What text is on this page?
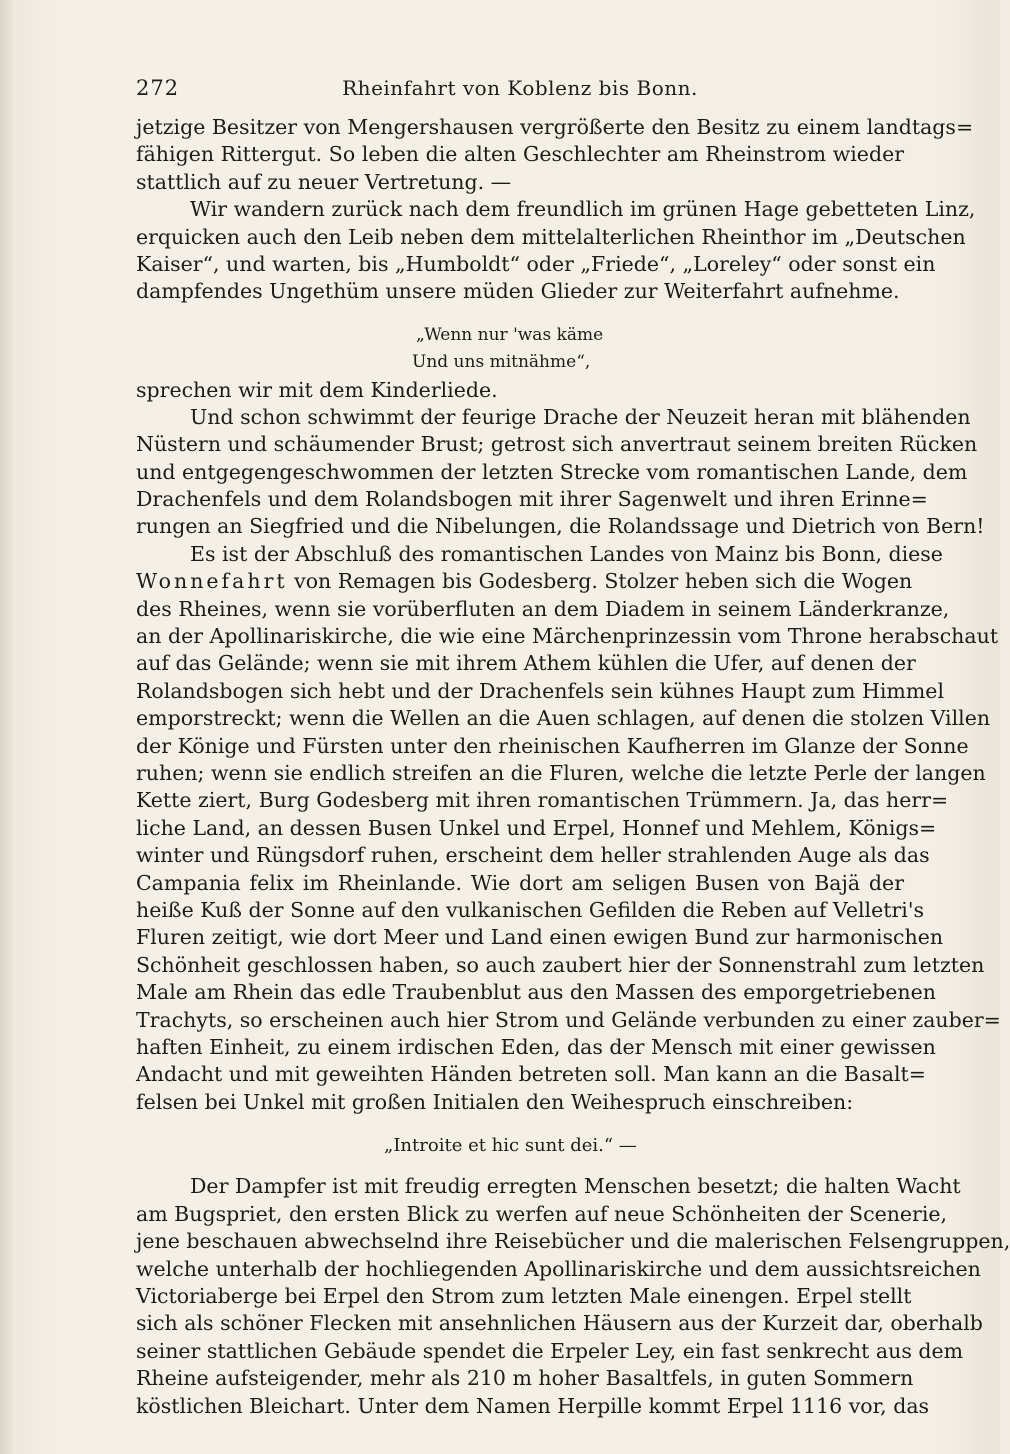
272	Rheinfahrt von Koblenz bis Bonn.
jetzige Besitzer von Mengershausen vergrößerte den Besitz zu einem landtags=
fähigen Rittergut. So leben die alten Geschlechter am Rheinstrom wieder
stattlich auf zu neuer Vertretung. —
Wir wandern zurück nach dem freundlich im grünen Hage gebetteten Linz,
erquicken auch den Leib neben dem mittelalterlichen Rheinthor im „Deutschen
Kaiser“, und warten, bis „Humboldt“ oder „Friede“, „Loreley“ oder sonst ein
dampfendes Ungethüm unsere müden Glieder zur Weiterfahrt aufnehme.
„Wenn nur 'was käme
Und uns mitnähme“,
sprechen wir mit dem Kinderliede.
Und schon schwimmt der feurige Drache der Neuzeit heran mit blähenden
Nüstern und schäumender Brust; getrost sich anvertraut seinem breiten Rücken
und entgegengeschwommen der letzten Strecke vom romantischen Lande, dem
Drachenfels und dem Rolandsbogen mit ihrer Sagenwelt und ihren Erinne=
rungen an Siegfried und die Nibelungen, die Rolandssage und Dietrich von Bern!
Es ist der Abschluß des romantischen Landes von Mainz bis Bonn, diese
Wonnefahrt von Remagen bis Godesberg. Stolzer heben sich die Wogen
des Rheines, wenn sie vorüberfluten an dem Diadem in seinem Länderkranze,
an der Apollinariskirche, die wie eine Märchenprinzessin vom Throne herabschaut
auf das Gelände; wenn sie mit ihrem Athem kühlen die Ufer, auf denen der
Rolandsbogen sich hebt und der Drachenfels sein kühnes Haupt zum Himmel
emporstreckt; wenn die Wellen an die Auen schlagen, auf denen die stolzen Villen
der Könige und Fürsten unter den rheinischen Kaufherren im Glanze der Sonne
ruhen; wenn sie endlich streifen an die Fluren, welche die letzte Perle der langen
Kette ziert, Burg Godesberg mit ihren romantischen Trümmern. Ja, das herr=
liche Land, an dessen Busen Unkel und Erpel, Honnef und Mehlem, Königs=
winter und Rüngsdorf ruhen, erscheint dem heller strahlenden Auge als das
Campania felix im Rheinlande. Wie dort am seligen Busen von Bajä der
heiße Kuß der Sonne auf den vulkanischen Gefilden die Reben auf Velletri's
Fluren zeitigt, wie dort Meer und Land einen ewigen Bund zur harmonischen
Schönheit geschlossen haben, so auch zaubert hier der Sonnenstrahl zum letzten
Male am Rhein das edle Traubenblut aus den Massen des emporgetriebenen
Trachyts, so erscheinen auch hier Strom und Gelände verbunden zu einer zauber=
haften Einheit, zu einem irdischen Eden, das der Mensch mit einer gewissen
Andacht und mit geweihten Händen betreten soll. Man kann an die Basalt=
felsen bei Unkel mit großen Initialen den Weihespruch einschreiben:
„Introite et hic sunt dei.“ —
Der Dampfer ist mit freudig erregten Menschen besetzt; die halten Wacht
am Bugspriet, den ersten Blick zu werfen auf neue Schönheiten der Scenerie,
jene beschauen abwechselnd ihre Reisebücher und die malerischen Felsengruppen,
welche unterhalb der hochliegenden Apollinariskirche und dem aussichtsreichen
Victoriaberge bei Erpel den Strom zum letzten Male einengen. Erpel stellt
sich als schöner Flecken mit ansehnlichen Häusern aus der Kurzeit dar, oberhalb
seiner stattlichen Gebäude spendet die Erpeler Ley, ein fast senkrecht aus dem
Rheine aufsteigender, mehr als 210 m hoher Basaltfels, in guten Sommern
köstlichen Bleichart. Unter dem Namen Herpille kommt Erpel 1116 vor, das
